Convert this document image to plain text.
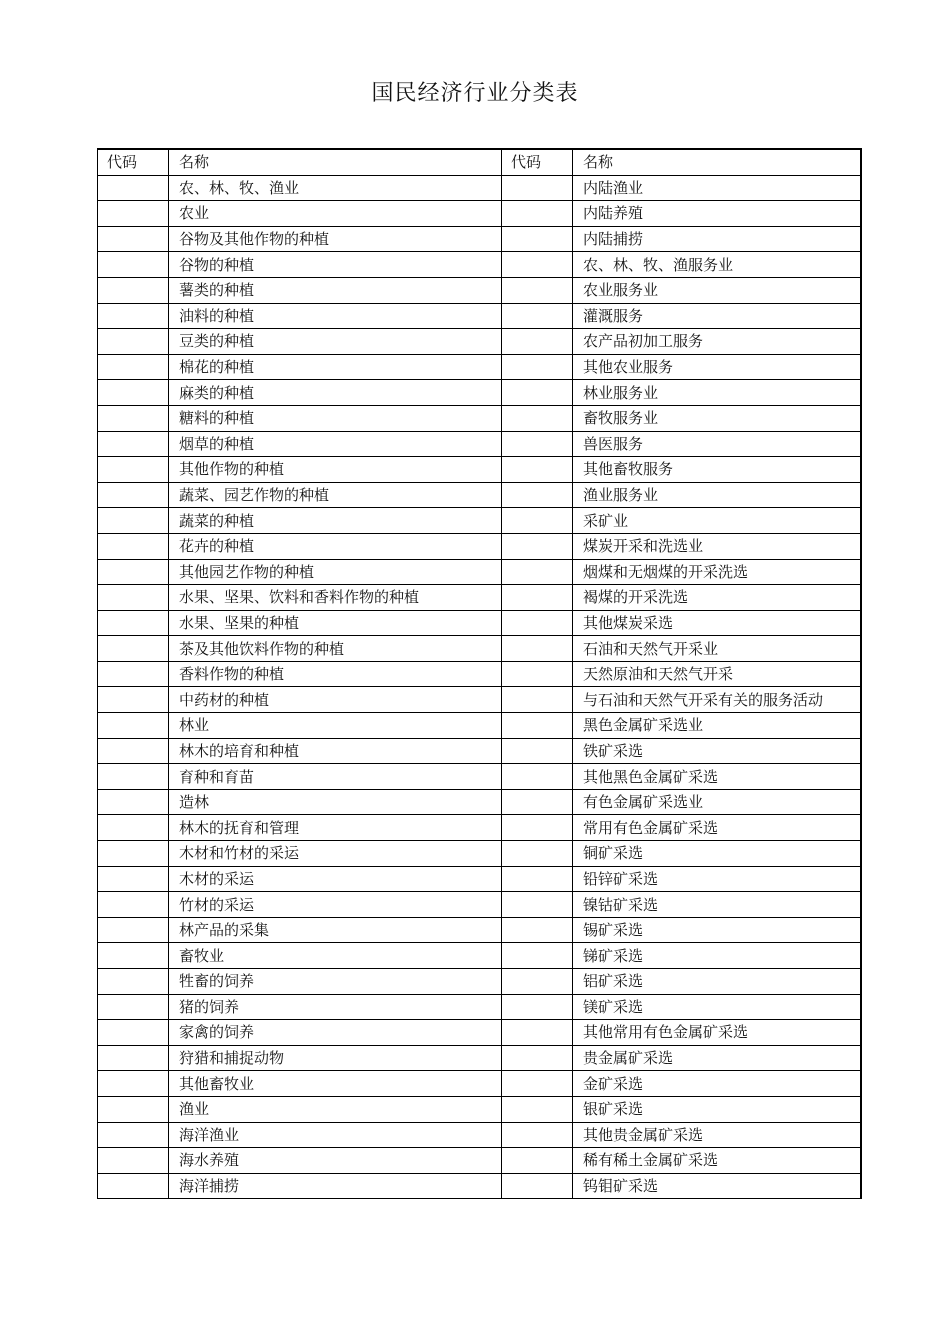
国民经济行业分类表
代码	名称	代码	名称
	农、林、牧、渔业		内陆渔业
	农业		内陆养殖
	谷物及其他作物的种植		内陆捕捞
	谷物的种植		农、林、牧、渔服务业
	薯类的种植		农业服务业
	油料的种植		灌溉服务
	豆类的种植		农产品初加工服务
	棉花的种植		其他农业服务
	麻类的种植		林业服务业
	糖料的种植		畜牧服务业
	烟草的种植		兽医服务
	其他作物的种植		其他畜牧服务
	蔬菜、园艺作物的种植		渔业服务业
	蔬菜的种植		采矿业
	花卉的种植		煤炭开采和洗选业
	其他园艺作物的种植		烟煤和无烟煤的开采洗选
	水果、坚果、饮料和香料作物的种植		褐煤的开采洗选
	水果、坚果的种植		其他煤炭采选
	茶及其他饮料作物的种植		石油和天然气开采业
	香料作物的种植		天然原油和天然气开采
	中药材的种植		与石油和天然气开采有关的服务活动
	林业		黑色金属矿采选业
	林木的培育和种植		铁矿采选
	育种和育苗		其他黑色金属矿采选
	造林		有色金属矿采选业
	林木的抚育和管理		常用有色金属矿采选
	木材和竹材的采运		铜矿采选
	木材的采运		铅锌矿采选
	竹材的采运		镍钴矿采选
	林产品的采集		锡矿采选
	畜牧业		锑矿采选
	牲畜的饲养		铝矿采选
	猪的饲养		镁矿采选
	家禽的饲养		其他常用有色金属矿采选
	狩猎和捕捉动物		贵金属矿采选
	其他畜牧业		金矿采选
	渔业		银矿采选
	海洋渔业		其他贵金属矿采选
	海水养殖		稀有稀土金属矿采选
	海洋捕捞		钨钼矿采选
